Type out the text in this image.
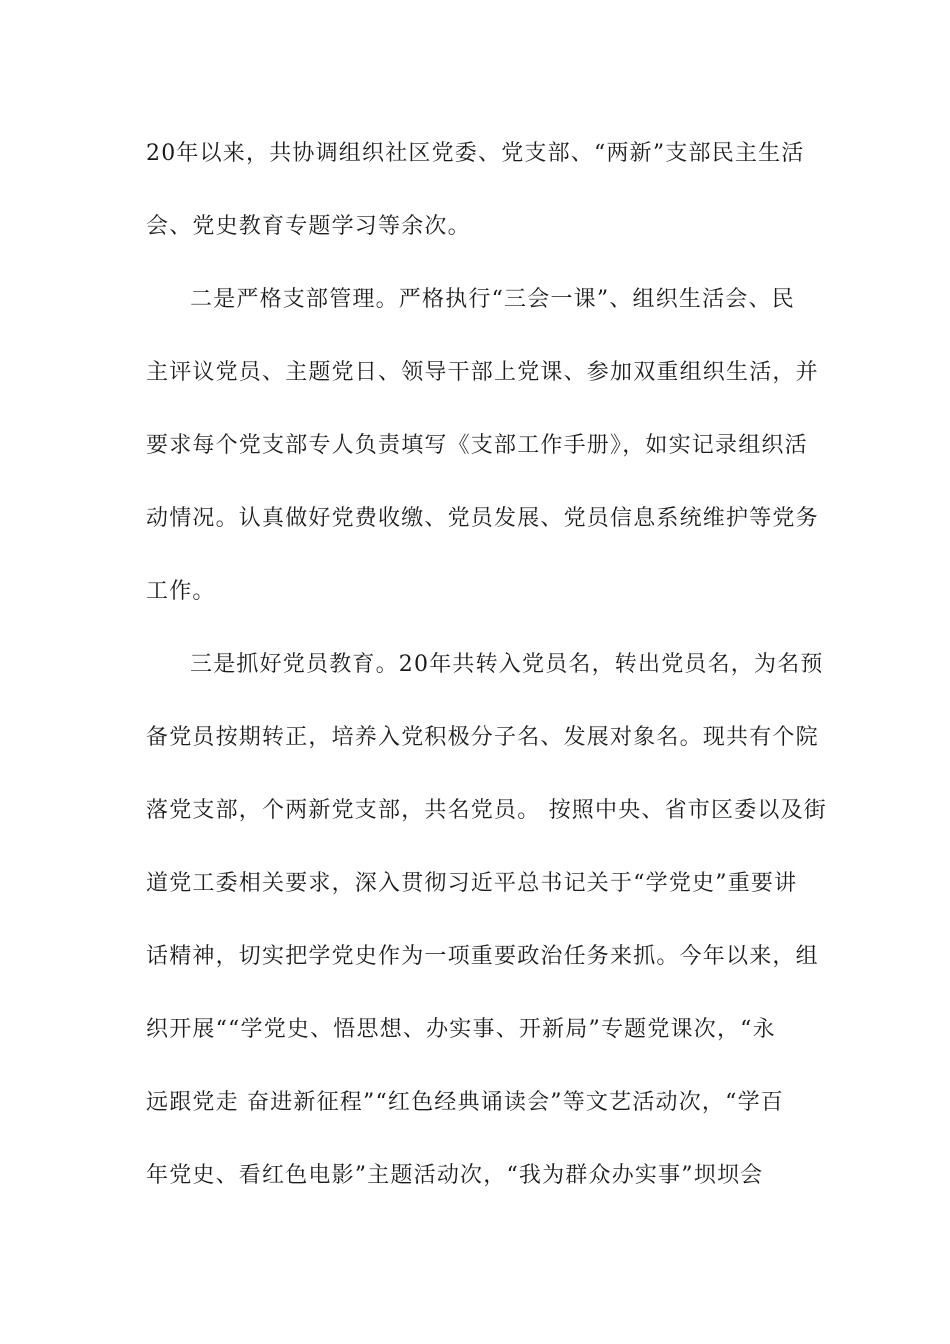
20年以来，共协调组织社区党委、党支部、“两新”支部民主生活
会、党史教育专题学习等余次。
二是严格支部管理。严格执行“三会一课”、组织生活会、民
主评议党员、主题党日、领导干部上党课、参加双重组织生活，并
要求每个党支部专人负责填写《支部工作手册》，如实记录组织活
动情况。认真做好党费收缴、党员发展、党员信息系统维护等党务
工作。
三是抓好党员教育。20年共转入党员名，转出党员名，为名预
备党员按期转正，培养入党积极分子名、发展对象名。现共有个院
落党支部，个两新党支部，共名党员。 按照中央、省市区委以及街
道党工委相关要求，深入贯彻习近平总书记关于“学党史”重要讲
话精神，切实把学党史作为一项重要政治任务来抓。今年以来，组
织开展““学党史、悟思想、办实事、开新局”专题党课次，“永
远跟党走 奋进新征程”“红色经典诵读会”等文艺活动次，“学百
年党史、看红色电影”主题活动次，“我为群众办实事”坝坝会
